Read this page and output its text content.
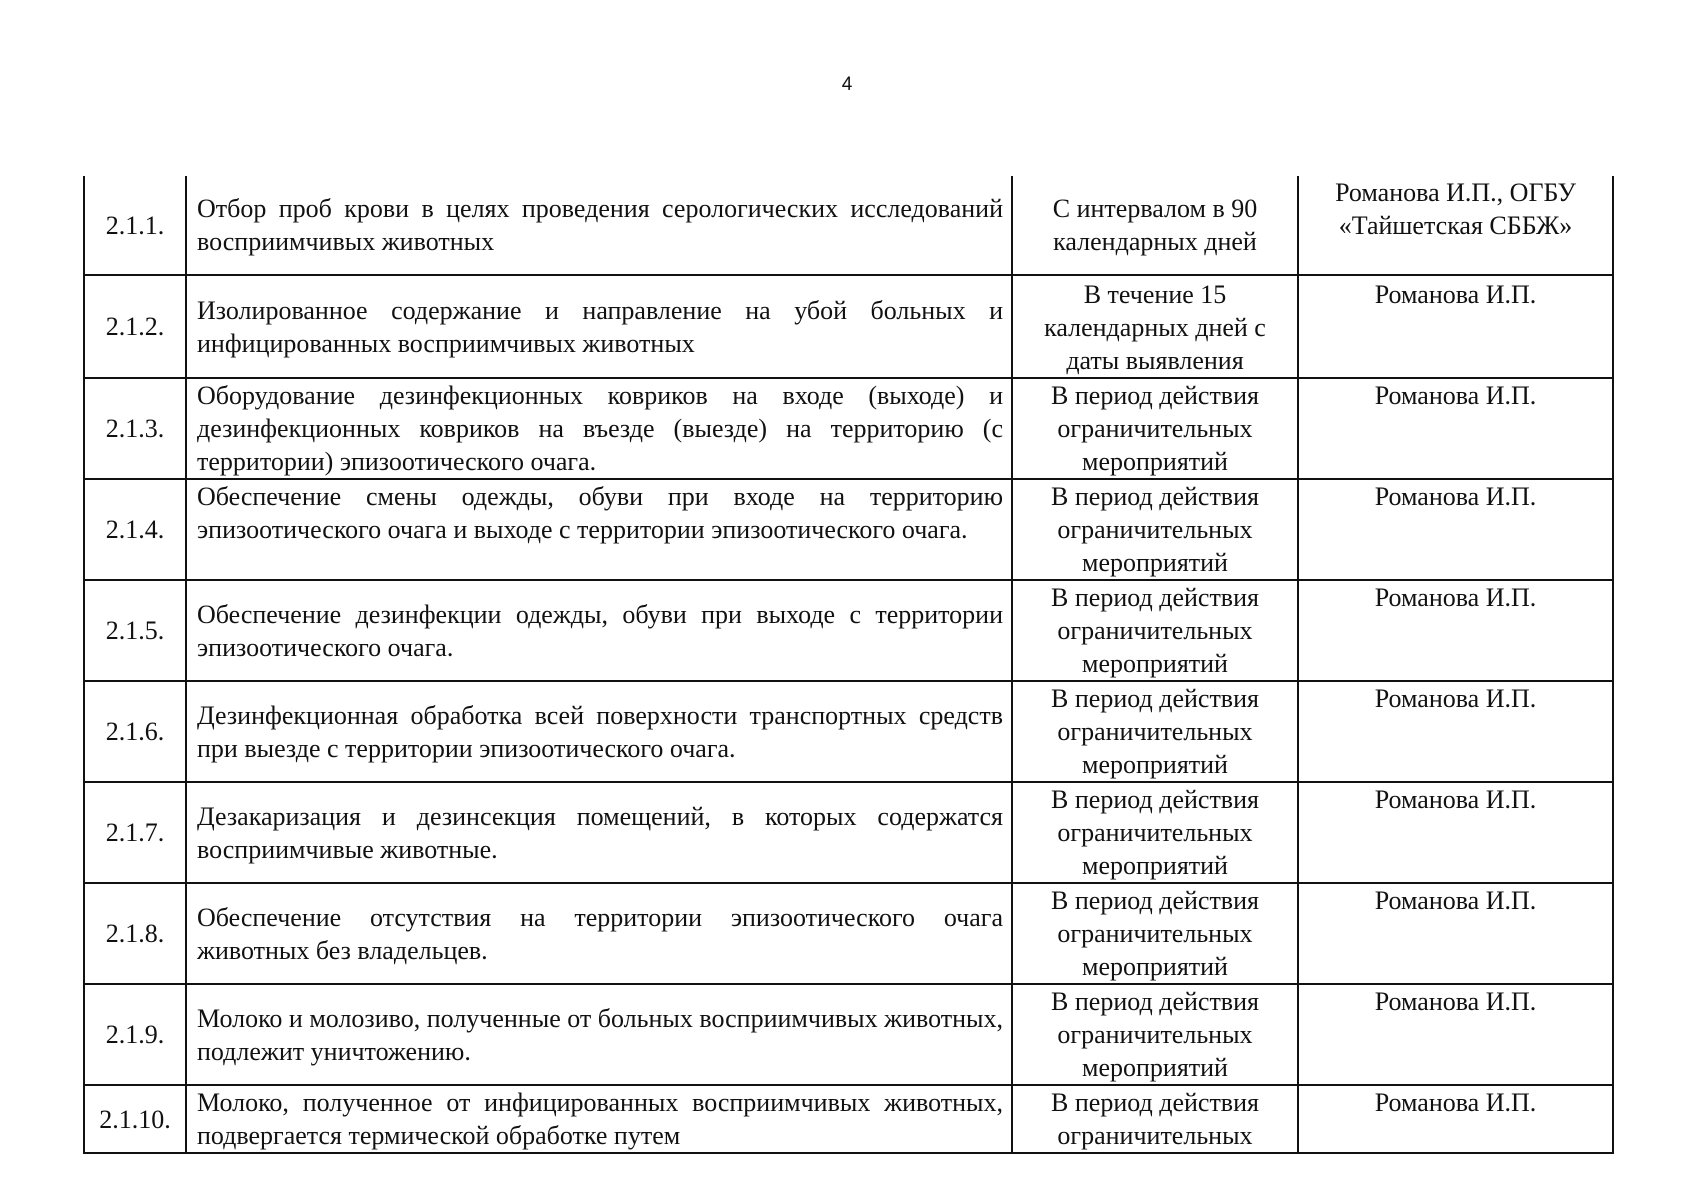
4
2.1.1.	Отбор проб крови в целях проведения серологических исследований восприимчивых животных	С интервалом в 90 календарных дней	Романова И.П., ОГБУ «Тайшетская СББЖ»

2.1.2.	Изолированное содержание и направление на убой больных и инфицированных восприимчивых животных	В течение 15 календарных дней с даты выявления	Романова И.П.

2.1.3.	Оборудование дезинфекционных ковриков на входе (выходе) и дезинфекционных ковриков на въезде (выезде) на территорию (с территории) эпизоотического очага.	В период действия ограничительных мероприятий	Романова И.П.

2.1.4.	Обеспечение смены одежды, обуви при входе на территорию эпизоотического очага и выходе с территории эпизоотического очага.	В период действия ограничительных мероприятий	Романова И.П.

2.1.5.	Обеспечение дезинфекции одежды, обуви при выходе с территории эпизоотического очага.	В период действия ограничительных мероприятий	Романова И.П.

2.1.6.	Дезинфекционная обработка всей поверхности транспортных средств при выезде с территории эпизоотического очага.	В период действия ограничительных мероприятий	Романова И.П.

2.1.7.	Дезакаризация и дезинсекция помещений, в которых содержатся восприимчивые животные.	В период действия ограничительных мероприятий	Романова И.П.

2.1.8.	Обеспечение отсутствия на территории эпизоотического очага животных без владельцев.	В период действия ограничительных мероприятий	Романова И.П.

2.1.9.	Молоко и молозиво, полученные от больных восприимчивых животных, подлежит уничтожению.	В период действия ограничительных мероприятий	Романова И.П.

2.1.10.	Молоко, полученное от инфицированных восприимчивых животных, подвергается термической обработке путем	В период действия ограничительных	Романова И.П.
